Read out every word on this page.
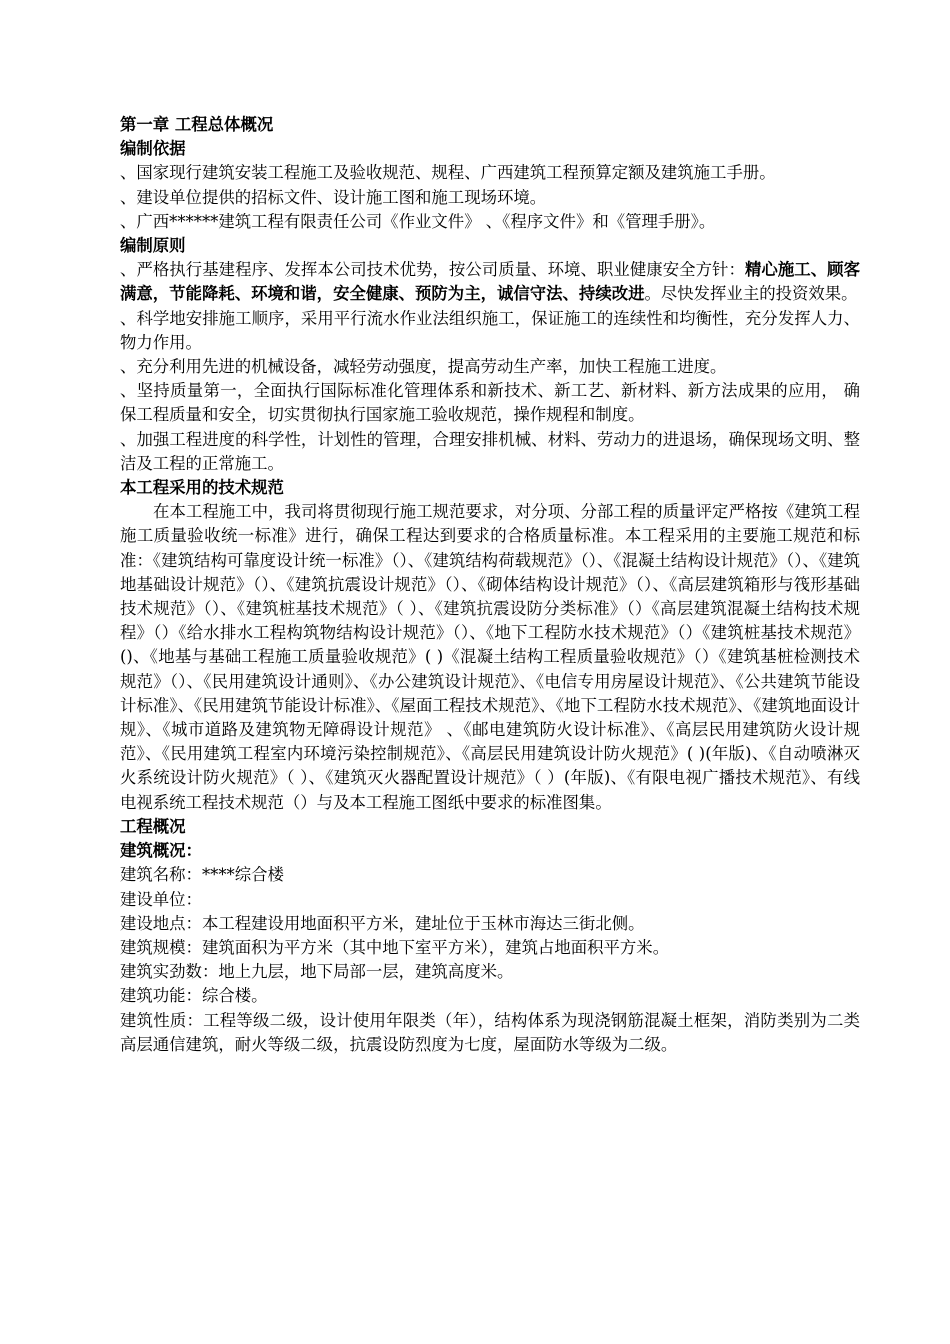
第一章 工程总体概况

编制依据

、国家现行建筑安装工程施工及验收规范、规程、广西建筑工程预算定额及建筑施工手册。

、建设单位提供的招标文件、设计施工图和施工现场环境。

、广西******建筑工程有限责任公司《作业文件》 、《程序文件》和《管理手册》。

编制原则

、严格执行基建程序、发挥本公司技术优势，按公司质量、环境、职业健康安全方针：精心施工、顾客满意，节能降耗、环境和谐，安全健康、预防为主，诚信守法、持续改进。尽快发挥业主的投资效果。

、科学地安排施工顺序，采用平行流水作业法组织施工，保证施工的连续性和均衡性，充分发挥人力、物力作用。

、充分利用先进的机械设备，减轻劳动强度，提高劳动生产率，加快工程施工进度。

、坚持质量第一，全面执行国际标准化管理体系和新技术、新工艺、新材料、新方法成果的应用， 确保工程质量和安全，切实贯彻执行国家施工验收规范，操作规程和制度。

、加强工程进度的科学性，计划性的管理，合理安排机械、材料、劳动力的进退场，确保现场文明、整洁及工程的正常施工。

本工程采用的技术规范

在本工程施工中，我司将贯彻现行施工规范要求，对分项、分部工程的质量评定严格按《建筑工程施工质量验收统一标准》进行，确保工程达到要求的合格质量标准。本工程采用的主要施工规范和标准：《建筑结构可靠度设计统一标准》（）、《建筑结构荷载规范》（）、《混凝土结构设计规范》（）、《建筑地基础设计规范》（）、《建筑抗震设计规范》（）、《砌体结构设计规范》（）、《高层建筑箱形与筏形基础技术规范》（）、《建筑桩基技术规范》（ ）、《建筑抗震设防分类标准》（）《高层建筑混凝土结构技术规程》（）《给水排水工程构筑物结构设计规范》（）、《地下工程防水技术规范》（）《建筑桩基技术规范》()、《地基与基础工程施工质量验收规范》( )《混凝土结构工程质量验收规范》（）《建筑基桩检测技术规范》（）、《民用建筑设计通则》、《办公建筑设计规范》、《电信专用房屋设计规范》、《公共建筑节能设计标准》、《民用建筑节能设计标准》、《屋面工程技术规范》、《地下工程防水技术规范》、《建筑地面设计规》、《城市道路及建筑物无障碍设计规范》 、《邮电建筑防火设计标准》、《高层民用建筑防火设计规范》、《民用建筑工程室内环境污染控制规范》、《高层民用建筑设计防火规范》( )(年版)、《自动喷淋灭火系统设计防火规范》（ ）、《建筑灭火器配置设计规范》（ ）(年版)、《有限电视广播技术规范》、有线电视系统工程技术规范（）与及本工程施工图纸中要求的标准图集。

工程概况

建筑概况：

建筑名称：****综合楼

建设单位：

建设地点：本工程建设用地面积平方米，建址位于玉林市海达三街北侧。

建筑规模：建筑面积为平方米（其中地下室平方米），建筑占地面积平方米。

建筑实劲数：地上九层，地下局部一层，建筑高度米。

建筑功能：综合楼。

建筑性质：工程等级二级，设计使用年限类（年），结构体系为现浇钢筋混凝土框架，消防类别为二类高层通信建筑，耐火等级二级，抗震设防烈度为七度，屋面防水等级为二级。
